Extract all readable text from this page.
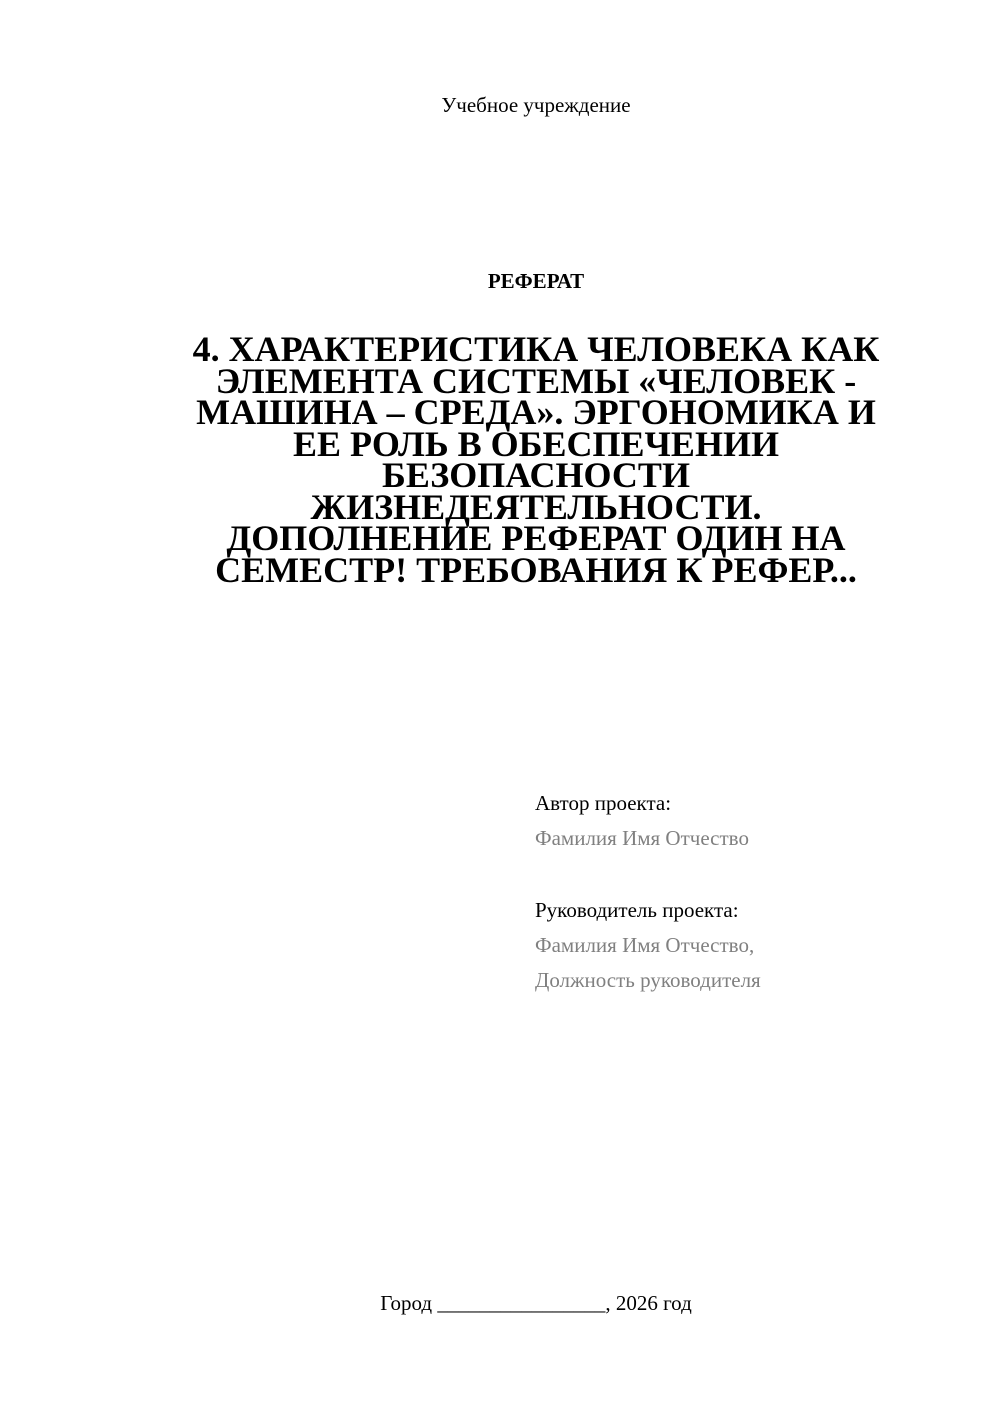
Учебное учреждение
РЕФЕРАТ
4. ХАРАКТЕРИСТИКА ЧЕЛОВЕКА КАК
ЭЛЕМЕНТА СИСТЕМЫ «ЧЕЛОВЕК -
МАШИНА – СРЕДА». ЭРГОНОМИКА И
ЕЕ РОЛЬ В ОБЕСПЕЧЕНИИ
БЕЗОПАСНОСТИ
ЖИЗНЕДЕЯТЕЛЬНОСТИ.
ДОПОЛНЕНИЕ РЕФЕРАТ ОДИН НА
СЕМЕСТР! ТРЕБОВАНИЯ К РЕФЕР...
Автор проекта:
Фамилия Имя Отчество
Руководитель проекта:
Фамилия Имя Отчество,
Должность руководителя
Город ________________, 2026 год
